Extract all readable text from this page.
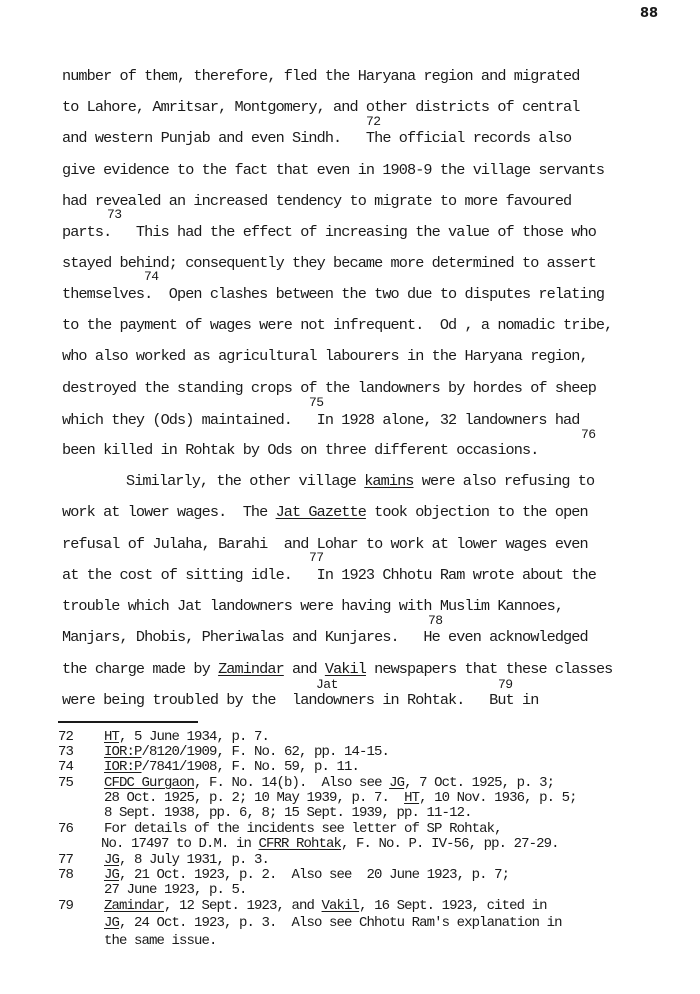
88
number of them, therefore, fled the Haryana region and migrated
to Lahore, Amritsar, Montgomery, and other districts of central
72
and western Punjab and even Sindh.   The official records also
give evidence to the fact that even in 1908-9 the village servants
had revealed an increased tendency to migrate to more favoured
73
parts.   This had the effect of increasing the value of those who
stayed behind; consequently they became more determined to assert
74
themselves.  Open clashes between the two due to disputes relating
to the payment of wages were not infrequent.  Od , a nomadic tribe,
who also worked as agricultural labourers in the Haryana region,
destroyed the standing crops of the landowners by hordes of sheep
75
which they (Ods) maintained.   In 1928 alone, 32 landowners had
76
been killed in Rohtak by Ods on three different occasions.
Similarly, the other village kamins were also refusing to
work at lower wages.  The Jat Gazette took objection to the open
refusal of Julaha, Barahi  and Lohar to work at lower wages even
77
at the cost of sitting idle.   In 1923 Chhotu Ram wrote about the
trouble which Jat landowners were having with Muslim Kannoes,
78
Manjars, Dhobis, Pheriwalas and Kunjares.   He even acknowledged
the charge made by Zamindar and Vakil newspapers that these classes
Jat	79
were being troubled by the  landowners in Rohtak.   But in
72 HT, 5 June 1934, p. 7.
73 IOR:P/8120/1909, F. No. 62, pp. 14-15.
74 IOR:P/7841/1908, F. No. 59, p. 11.
75 CFDC Gurgaon, F. No. 14(b).  Also see JG, 7 Oct. 1925, p. 3;
28 Oct. 1925, p. 2; 10 May 1939, p. 7.  HT, 10 Nov. 1936, p. 5;
8 Sept. 1938, pp. 6, 8; 15 Sept. 1939, pp. 11-12.
76 For details of the incidents see letter of SP Rohtak,
No. 17497 to D.M. in CFRR Rohtak, F. No. P. IV-56, pp. 27-29.
77 JG, 8 July 1931, p. 3.
78 JG, 21 Oct. 1923, p. 2.  Also see  20 June 1923, p. 7;
27 June 1923, p. 5.
79 Zamindar, 12 Sept. 1923, and Vakil, 16 Sept. 1923, cited in
JG, 24 Oct. 1923, p. 3.  Also see Chhotu Ram's explanation in
the same issue.
